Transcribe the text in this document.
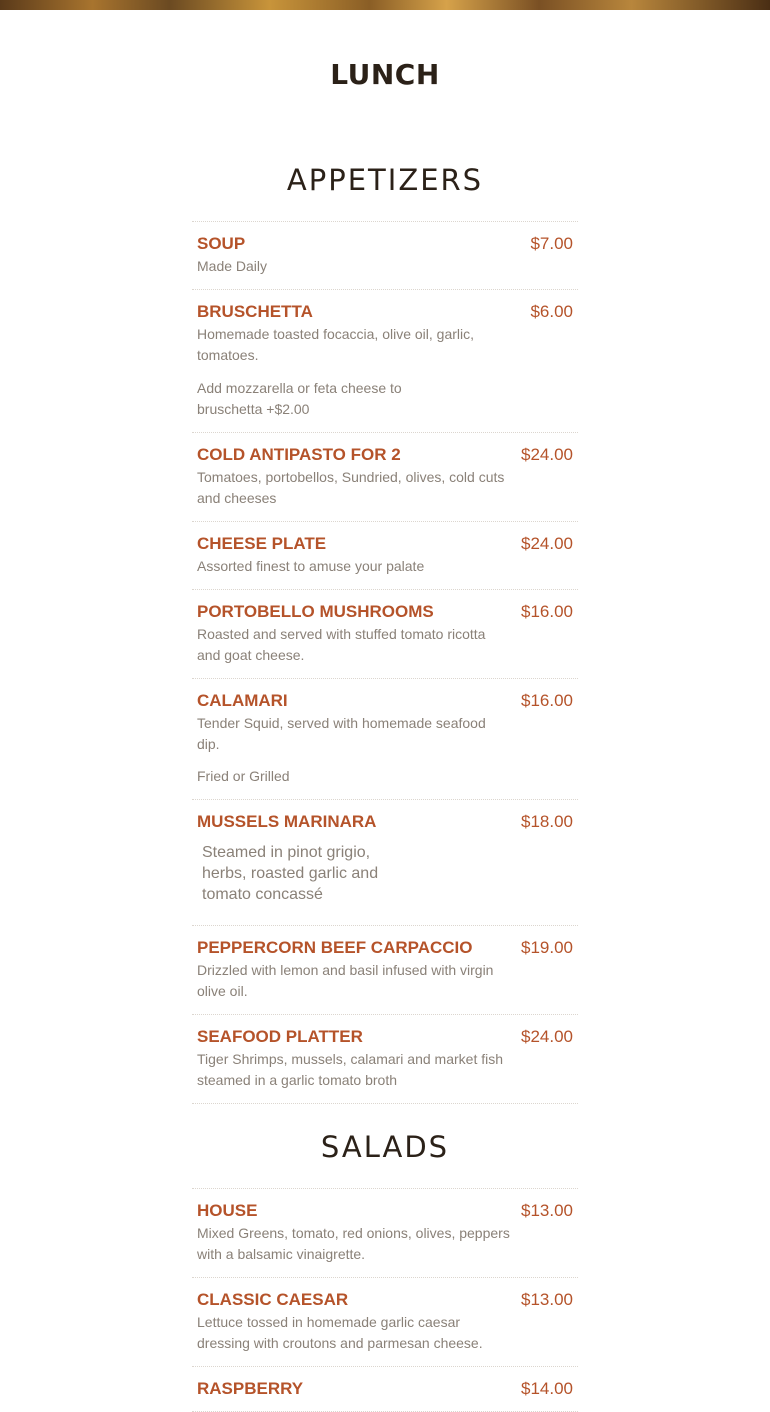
LUNCH
APPETIZERS
SOUP	$7.00
Made Daily
BRUSCHETTA	$6.00
Homemade toasted focaccia, olive oil, garlic, tomatoes.
Add mozzarella or feta cheese to bruschetta +$2.00
COLD ANTIPASTO FOR 2	$24.00
Tomatoes, portobellos, Sundried, olives, cold cuts and cheeses
CHEESE PLATE	$24.00
Assorted finest to amuse your palate
PORTOBELLO MUSHROOMS	$16.00
Roasted and served with stuffed tomato ricotta and goat cheese.
CALAMARI	$16.00
Tender Squid, served with homemade seafood dip.
Fried or Grilled
MUSSELS MARINARA	$18.00
Steamed in pinot grigio, herbs, roasted garlic and tomato concassé
PEPPERCORN BEEF CARPACCIO	$19.00
Drizzled with lemon and basil infused with virgin olive oil.
SEAFOOD PLATTER	$24.00
Tiger Shrimps, mussels, calamari and market fish steamed in a garlic tomato broth
SALADS
HOUSE	$13.00
Mixed Greens, tomato, red onions, olives, peppers with a balsamic vinaigrette.
CLASSIC CAESAR	$13.00
Lettuce tossed in homemade garlic caesar dressing with croutons and parmesan cheese.
RASPBERRY	$14.00
